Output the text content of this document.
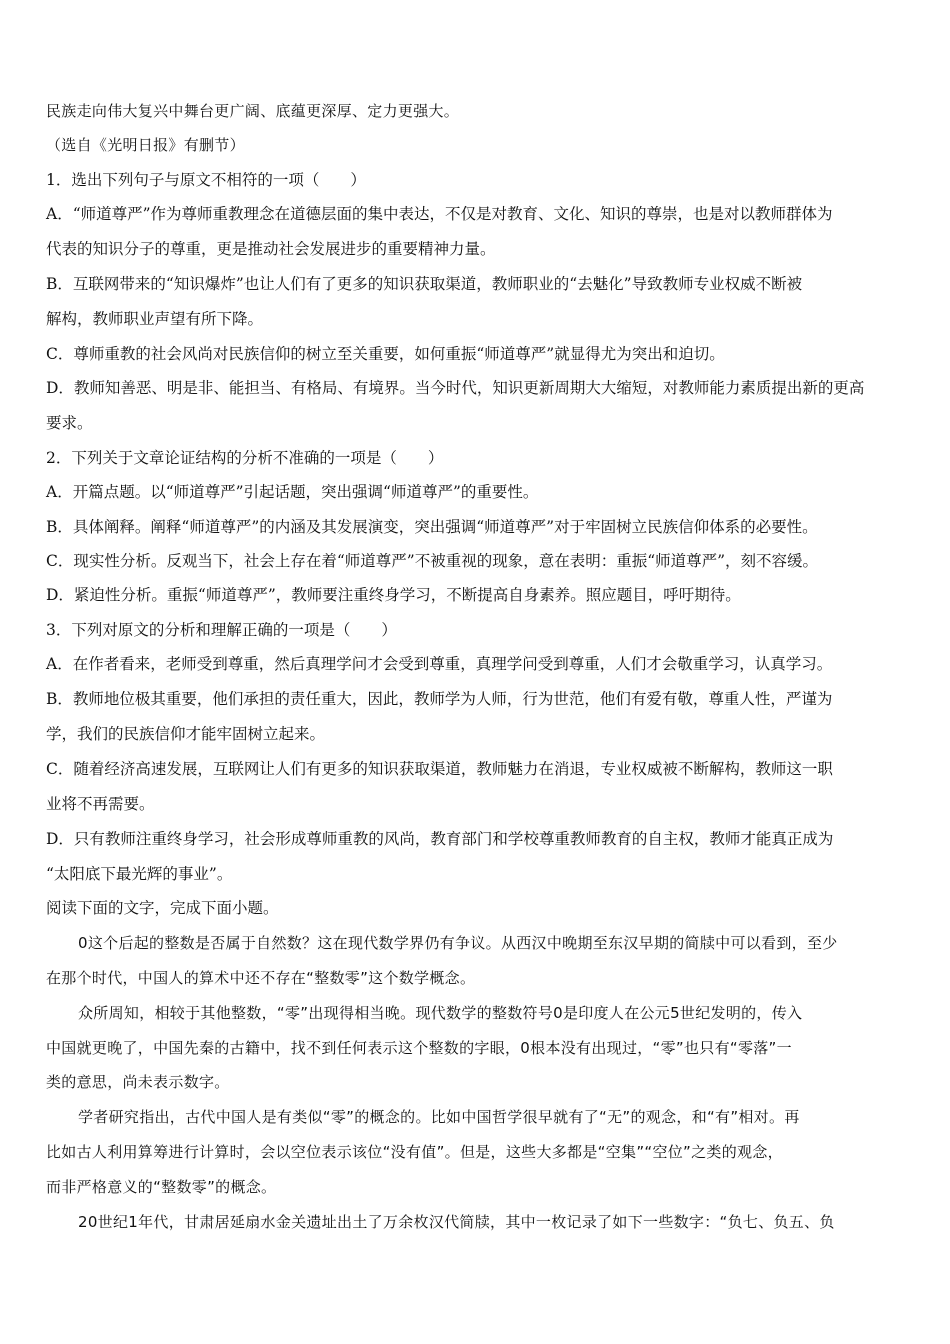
民族走向伟大复兴中舞台更广阔、底蕴更深厚、定力更强大。
（选自《光明日报》有删节）
1．选出下列句子与原文不相符的一项（　　）
A．“师道尊严”作为尊师重教理念在道德层面的集中表达，不仅是对教育、文化、知识的尊崇，也是对以教师群体为
代表的知识分子的尊重，更是推动社会发展进步的重要精神力量。
B．互联网带来的“知识爆炸”也让人们有了更多的知识获取渠道，教师职业的“去魅化”导致教师专业权威不断被
解构，教师职业声望有所下降。
C．尊师重教的社会风尚对民族信仰的树立至关重要，如何重振“师道尊严”就显得尤为突出和迫切。
D．教师知善恶、明是非、能担当、有格局、有境界。当今时代，知识更新周期大大缩短，对教师能力素质提出新的更高
要求。
2．下列关于文章论证结构的分析不准确的一项是（　　）
A．开篇点题。以“师道尊严”引起话题，突出强调“师道尊严”的重要性。
B．具体阐释。阐释“师道尊严”的内涵及其发展演变，突出强调“师道尊严”对于牢固树立民族信仰体系的必要性。
C．现实性分析。反观当下，社会上存在着“师道尊严”不被重视的现象，意在表明：重振“师道尊严”，刻不容缓。
D．紧迫性分析。重振“师道尊严”，教师要注重终身学习，不断提高自身素养。照应题目，呼吁期待。
3．下列对原文的分析和理解正确的一项是（　　）
A．在作者看来，老师受到尊重，然后真理学问才会受到尊重，真理学问受到尊重，人们才会敬重学习，认真学习。
B．教师地位极其重要，他们承担的责任重大，因此，教师学为人师，行为世范，他们有爱有敬，尊重人性，严谨为
学，我们的民族信仰才能牢固树立起来。
C．随着经济高速发展，互联网让人们有更多的知识获取渠道，教师魅力在消退，专业权威被不断解构，教师这一职
业将不再需要。
D．只有教师注重终身学习，社会形成尊师重教的风尚，教育部门和学校尊重教师教育的自主权，教师才能真正成为
“太阳底下最光辉的事业”。
阅读下面的文字，完成下面小题。
0这个后起的整数是否属于自然数？这在现代数学界仍有争议。从西汉中晚期至东汉早期的简牍中可以看到，至少
在那个时代，中国人的算术中还不存在“整数零”这个数学概念。
众所周知，相较于其他整数，“零”出现得相当晚。现代数学的整数符号0是印度人在公元5世纪发明的，传入
中国就更晚了，中国先秦的古籍中，找不到任何表示这个整数的字眼，0根本没有出现过，“零”也只有“零落”一
类的意思，尚未表示数字。
学者研究指出，古代中国人是有类似“零”的概念的。比如中国哲学很早就有了“无”的观念，和“有”相对。再
比如古人利用算筹进行计算时，会以空位表示该位“没有值”。但是，这些大多都是“空集”“空位”之类的观念，
而非严格意义的“整数零”的概念。
20世纪1年代，甘肃居延扇水金关遗址出土了万余枚汉代简牍，其中一枚记录了如下一些数字：“负七、负五、负
